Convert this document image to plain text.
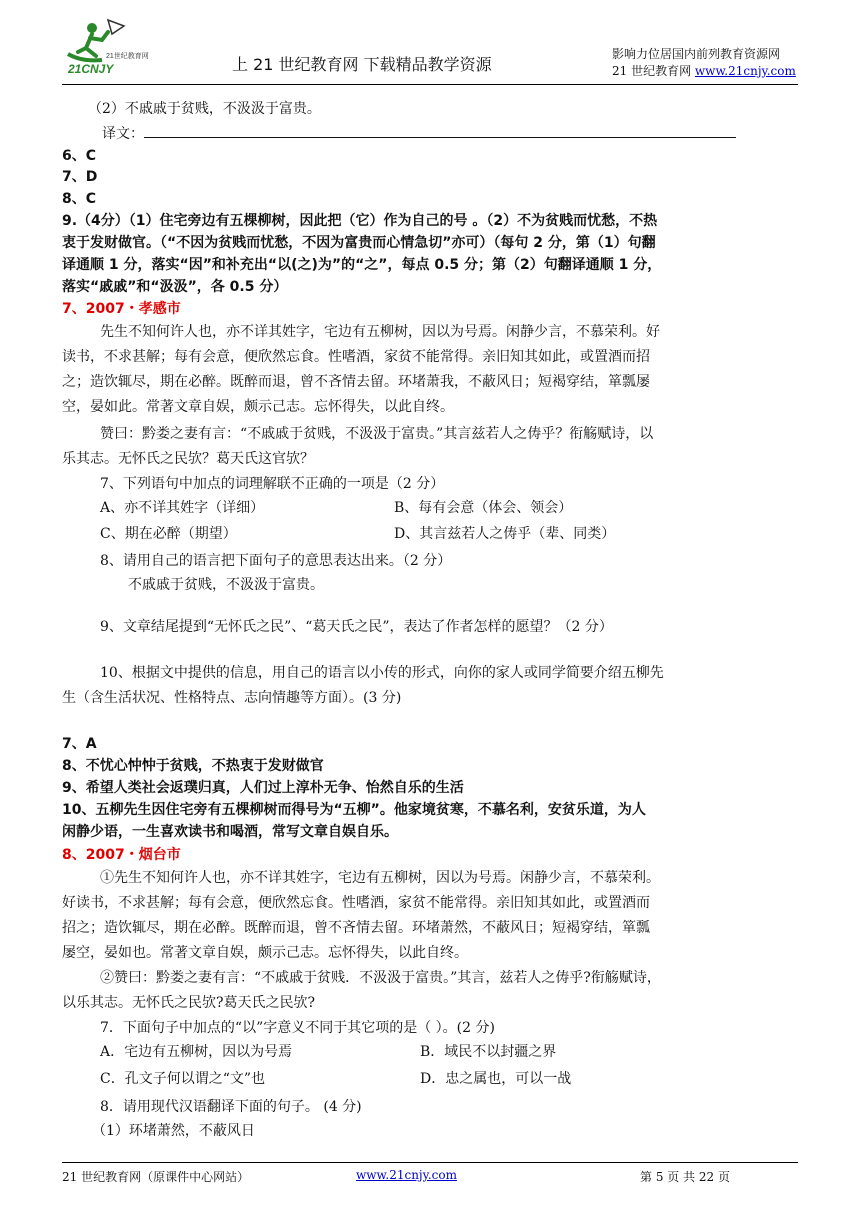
21世纪教育网
21CNJY	上 21 世纪教育网 下载精品教学资源
影响力位居国内前列教育资源网
21 世纪教育网 www.21cnjy.com
（2）不戚戚于贫贱，不汲汲于富贵。
译文：
6、C
7、D
8、C
9.（4分）（1）住宅旁边有五棵柳树，因此把（它）作为自己的号 。（2）不为贫贱而忧愁，不热
衷于发财做官。（“不因为贫贱而忧愁，不因为富贵而心情急切”亦可）（每句 2 分，第（1）句翻
译通顺 1 分，落实“因”和补充出“以(之)为”的“之”，每点 0.5 分；第（2）句翻译通顺 1 分，
落实“戚戚”和“汲汲”，各 0.5 分）
7、2007・孝感市
先生不知何许人也，亦不详其姓字，宅边有五柳树，因以为号焉。闲静少言，不慕荣利。好
读书，不求甚解；每有会意，便欣然忘食。性嗜酒，家贫不能常得。亲旧知其如此，或置酒而招
之；造饮辄尽，期在必醉。既醉而退，曾不吝情去留。环堵萧我，不蔽风日；短褐穿结，箪瓢屡
空，晏如此。常著文章自娱，颇示己志。忘怀得失，以此自终。
赞曰：黔娄之妻有言：“不戚戚于贫贱，不汲汲于富贵。”其言兹若人之俦乎？衔觞赋诗，以
乐其志。无怀氏之民欤？葛天氏这官欤？
7、下列语句中加点的词理解联不正确的一项是（2 分）
A、亦不详其姓字（详细）	B、每有会意（体会、领会）
C、期在必醉（期望）	D、其言兹若人之俦乎（辈、同类）
8、请用自己的语言把下面句子的意思表达出来。（2 分）
不戚戚于贫贱，不汲汲于富贵。
9、文章结尾提到“无怀氏之民”、“葛天氏之民”，表达了作者怎样的愿望？（2 分）
10、根据文中提供的信息，用自己的语言以小传的形式，向你的家人或同学简要介绍五柳先
生（含生活状况、性格特点、志向情趣等方面）。(3 分)
7、A
8、不忧心忡忡于贫贱，不热衷于发财做官
9、希望人类社会返璞归真，人们过上淳朴无争、怡然自乐的生活
10、五柳先生因住宅旁有五棵柳树而得号为“五柳”。他家境贫寒，不慕名利，安贫乐道，为人
闲静少语，一生喜欢读书和喝酒，常写文章自娱自乐。
8、2007・烟台市
①先生不知何许人也，亦不详其姓字，宅边有五柳树，因以为号焉。闲静少言，不慕荣利。
好读书，不求甚解；每有会意，便欣然忘食。性嗜酒，家贫不能常得。亲旧知其如此，或置酒而
招之；造饮辄尽，期在必醉。既醉而退，曾不吝情去留。环堵萧然，不蔽风日；短褐穿结，箪瓢
屡空，晏如也。常著文章自娱，颇示己志。忘怀得失，以此自终。
②赞曰：黔娄之妻有言：“不戚戚于贫贱．不汲汲于富贵。”其言，兹若人之俦乎?衔觞赋诗，
以乐其志。无怀氏之民欤?葛天氏之民欤?
7．下面句子中加点的“以”字意义不同于其它项的是（ ）。(2 分)
A．宅边有五柳树，因以为号焉	B．域民不以封疆之界
C．孔文子何以谓之“文”也	D．忠之属也，可以一战
8．请用现代汉语翻译下面的句子。 (4 分)
（1）环堵萧然，不蔽风日
21 世纪教育网（原课件中心网站）	www.21cnjy.com	第 5 页 共 22 页
